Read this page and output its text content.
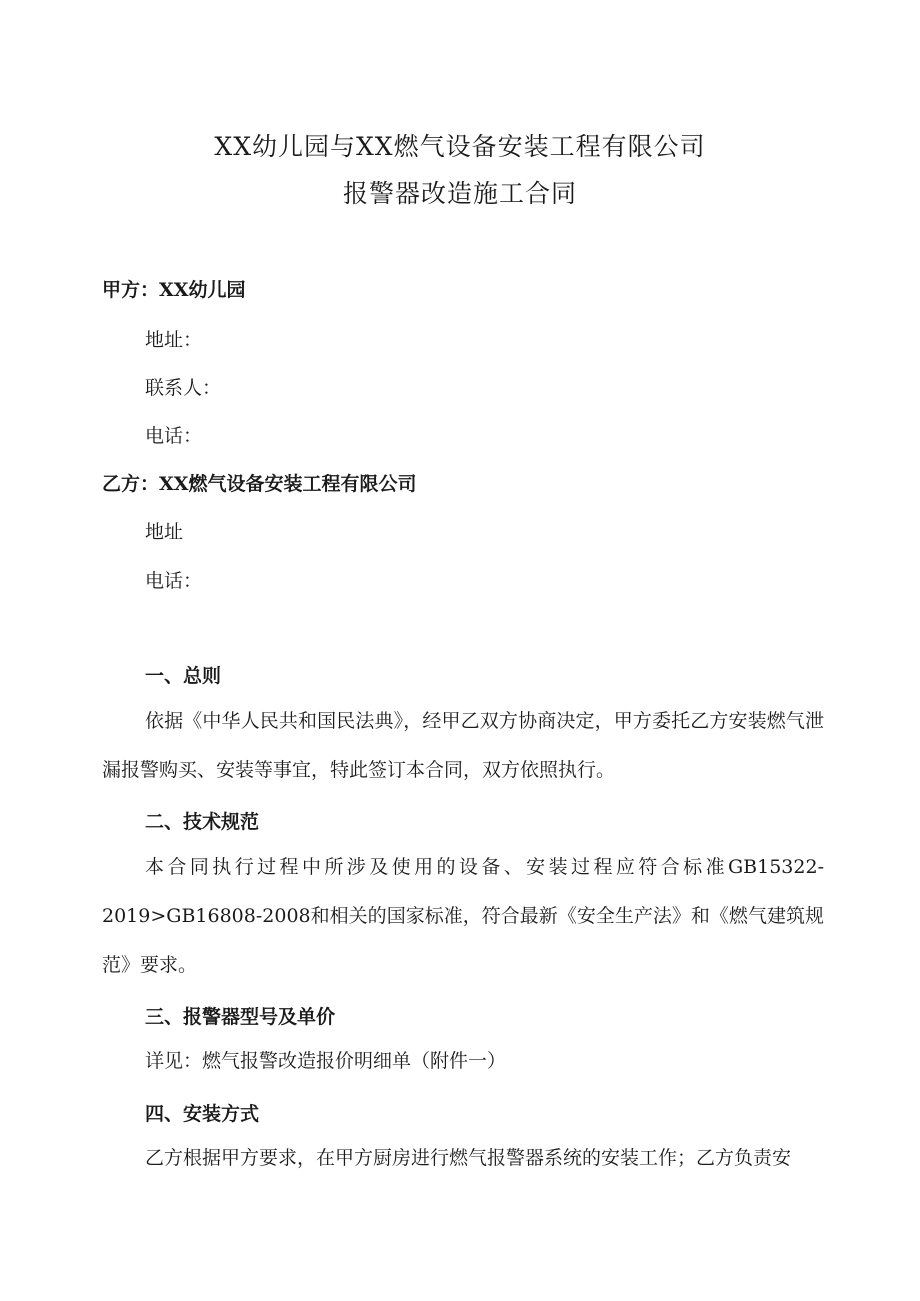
XX幼儿园与XX燃气设备安装工程有限公司
报警器改造施工合同
甲方：XX幼儿园
地址：
联系人：
电话：
乙方：XX燃气设备安装工程有限公司
地址
电话：
一、总则

依据《中华人民共和国民法典》，经甲乙双方协商决定，甲方委托乙方安装燃气泄漏报警购买、安装等事宜，特此签订本合同，双方依照执行。

二、技术规范

本合同执行过程中所涉及使用的设备、安装过程应符合标准GB15322-2019>GB16808-2008和相关的国家标准，符合最新《安全生产法》和《燃气建筑规范》要求。

三、报警器型号及单价

详见：燃气报警改造报价明细单（附件一）

四、安装方式

乙方根据甲方要求，在甲方厨房进行燃气报警器系统的安装工作；乙方负责安
